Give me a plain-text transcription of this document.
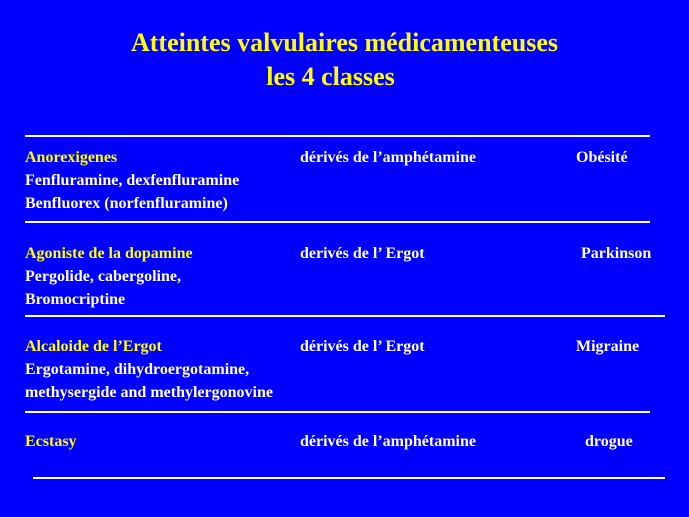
Atteintes valvulaires médicamenteuses
les 4 classes
Anorexigenes	dérivés de l’amphétamine	Obésité
Fenfluramine, dexfenfluramine
Benfluorex (norfenfluramine)
Agoniste de la dopamine	derivés de l’ Ergot	Parkinson
Pergolide, cabergoline,
Bromocriptine
Alcaloide de l’Ergot	dérivés de l’ Ergot	Migraine
Ergotamine, dihydroergotamine,
methysergide and methylergonovine
Ecstasy	dérivés de l’amphétamine	drogue
